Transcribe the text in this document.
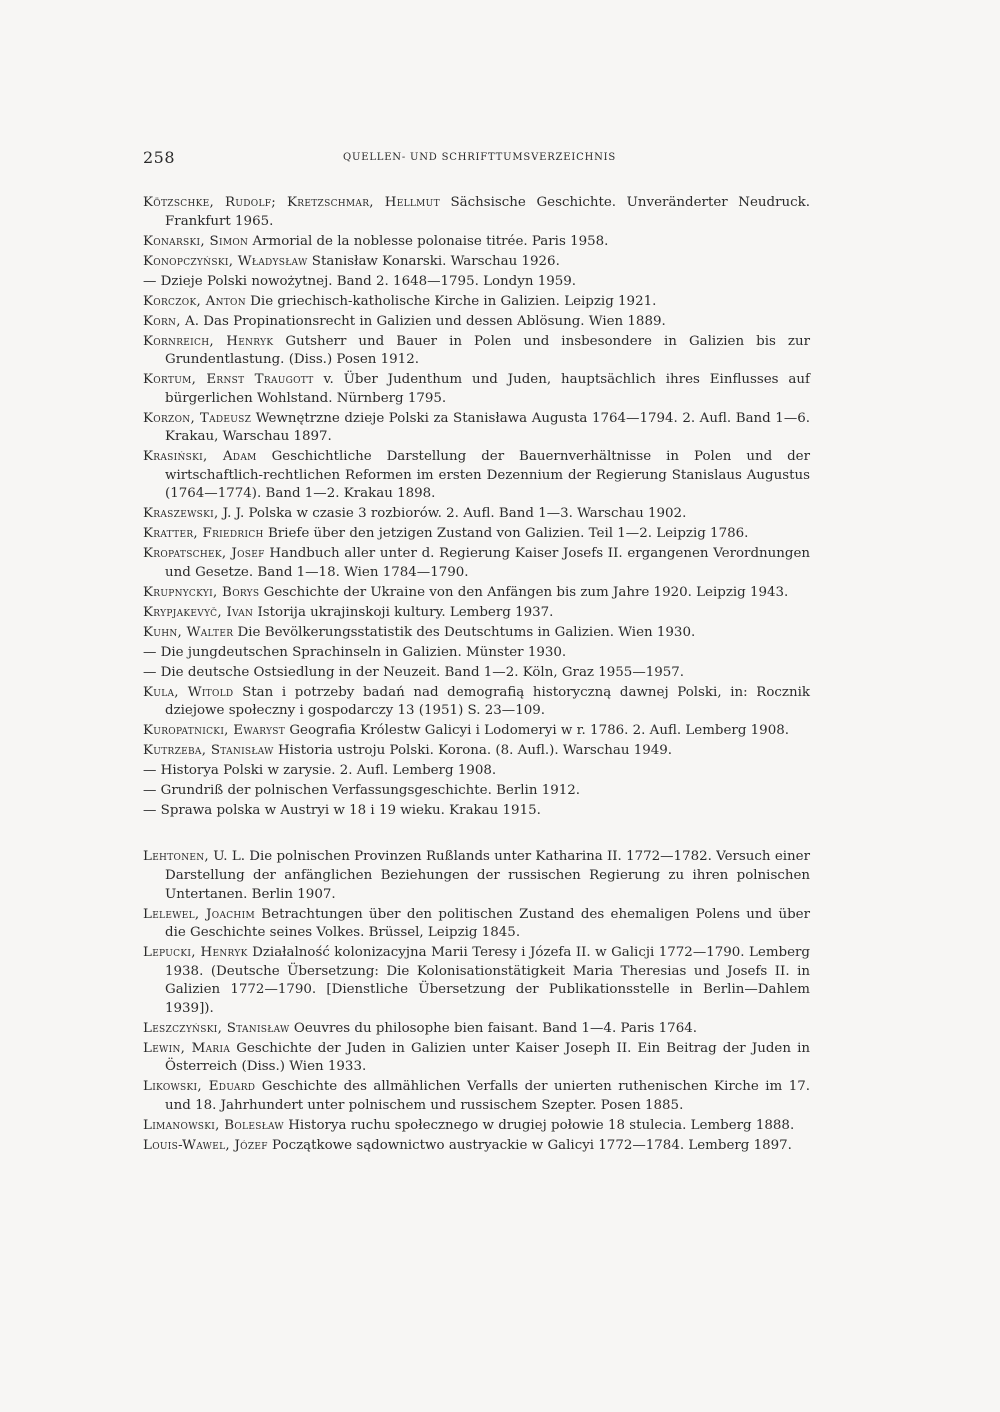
258	QUELLEN- UND SCHRIFTTUMSVERZEICHNIS

Kötzschke, Rudolf; Kretzschmar, Hellmut Sächsische Geschichte. Unveränderter Neudruck. Frankfurt 1965.

Konarski, Simon Armorial de la noblesse polonaise titrée. Paris 1958.

Konopczyński, Władysław Stanisław Konarski. Warschau 1926.

— Dzieje Polski nowożytnej. Band 2. 1648—1795. Londyn 1959.

Korczok, Anton Die griechisch-katholische Kirche in Galizien. Leipzig 1921.

Korn, A. Das Propinationsrecht in Galizien und dessen Ablösung. Wien 1889.

Kornreich, Henryk Gutsherr und Bauer in Polen und insbesondere in Galizien bis zur Grundentlastung. (Diss.) Posen 1912.

Kortum, Ernst Traugott v. Über Judenthum und Juden, hauptsächlich ihres Einflusses auf bürgerlichen Wohlstand. Nürnberg 1795.

Korzon, Tadeusz Wewnętrzne dzieje Polski za Stanisława Augusta 1764—1794. 2. Aufl. Band 1—6. Krakau, Warschau 1897.

Krasiński, Adam Geschichtliche Darstellung der Bauernverhältnisse in Polen und der wirtschaftlich-rechtlichen Reformen im ersten Dezennium der Regierung Stanislaus Augustus (1764—1774). Band 1—2. Krakau 1898.

Kraszewski, J. J. Polska w czasie 3 rozbiorów. 2. Aufl. Band 1—3. Warschau 1902.

Kratter, Friedrich Briefe über den jetzigen Zustand von Galizien. Teil 1—2. Leipzig 1786.

Kropatschek, Josef Handbuch aller unter d. Regierung Kaiser Josefs II. ergangenen Verordnungen und Gesetze. Band 1—18. Wien 1784—1790.

Krupnyckyi, Borys Geschichte der Ukraine von den Anfängen bis zum Jahre 1920. Leipzig 1943.

Krypjakevyč, Ivan Istorija ukrajinskoji kultury. Lemberg 1937.

Kuhn, Walter Die Bevölkerungsstatistik des Deutschtums in Galizien. Wien 1930.

— Die jungdeutschen Sprachinseln in Galizien. Münster 1930.

— Die deutsche Ostsiedlung in der Neuzeit. Band 1—2. Köln, Graz 1955—1957.

Kula, Witold Stan i potrzeby badań nad demografią historyczną dawnej Polski, in: Rocznik dziejowe społeczny i gospodarczy 13 (1951) S. 23—109.

Kuropatnicki, Ewaryst Geografia Królestw Galicyi i Lodomeryi w r. 1786. 2. Aufl. Lemberg 1908.

Kutrzeba, Stanisław Historia ustroju Polski. Korona. (8. Aufl.). Warschau 1949.

— Historya Polski w zarysie. 2. Aufl. Lemberg 1908.

— Grundriß der polnischen Verfassungsgeschichte. Berlin 1912.

— Sprawa polska w Austryi w 18 i 19 wieku. Krakau 1915.

Lehtonen, U. L. Die polnischen Provinzen Rußlands unter Katharina II. 1772—1782. Versuch einer Darstellung der anfänglichen Beziehungen der russischen Regierung zu ihren polnischen Untertanen. Berlin 1907.

Lelewel, Joachim Betrachtungen über den politischen Zustand des ehemaligen Polens und über die Geschichte seines Volkes. Brüssel, Leipzig 1845.

Lepucki, Henryk Działalność kolonizacyjna Marii Teresy i Józefa II. w Galicji 1772—1790. Lemberg 1938. (Deutsche Übersetzung: Die Kolonisationstätigkeit Maria Theresias und Josefs II. in Galizien 1772—1790. [Dienstliche Übersetzung der Publikationsstelle in Berlin—Dahlem 1939]).

Leszczyński, Stanisław Oeuvres du philosophe bien faisant. Band 1—4. Paris 1764.

Lewin, Maria Geschichte der Juden in Galizien unter Kaiser Joseph II. Ein Beitrag der Juden in Österreich (Diss.) Wien 1933.

Likowski, Eduard Geschichte des allmählichen Verfalls der unierten ruthenischen Kirche im 17. und 18. Jahrhundert unter polnischem und russischem Szepter. Posen 1885.

Limanowski, Bolesław Historya ruchu społecznego w drugiej połowie 18 stulecia. Lemberg 1888.

Louis-Wawel, Józef Początkowe sądownictwo austryackie w Galicyi 1772—1784. Lemberg 1897.
